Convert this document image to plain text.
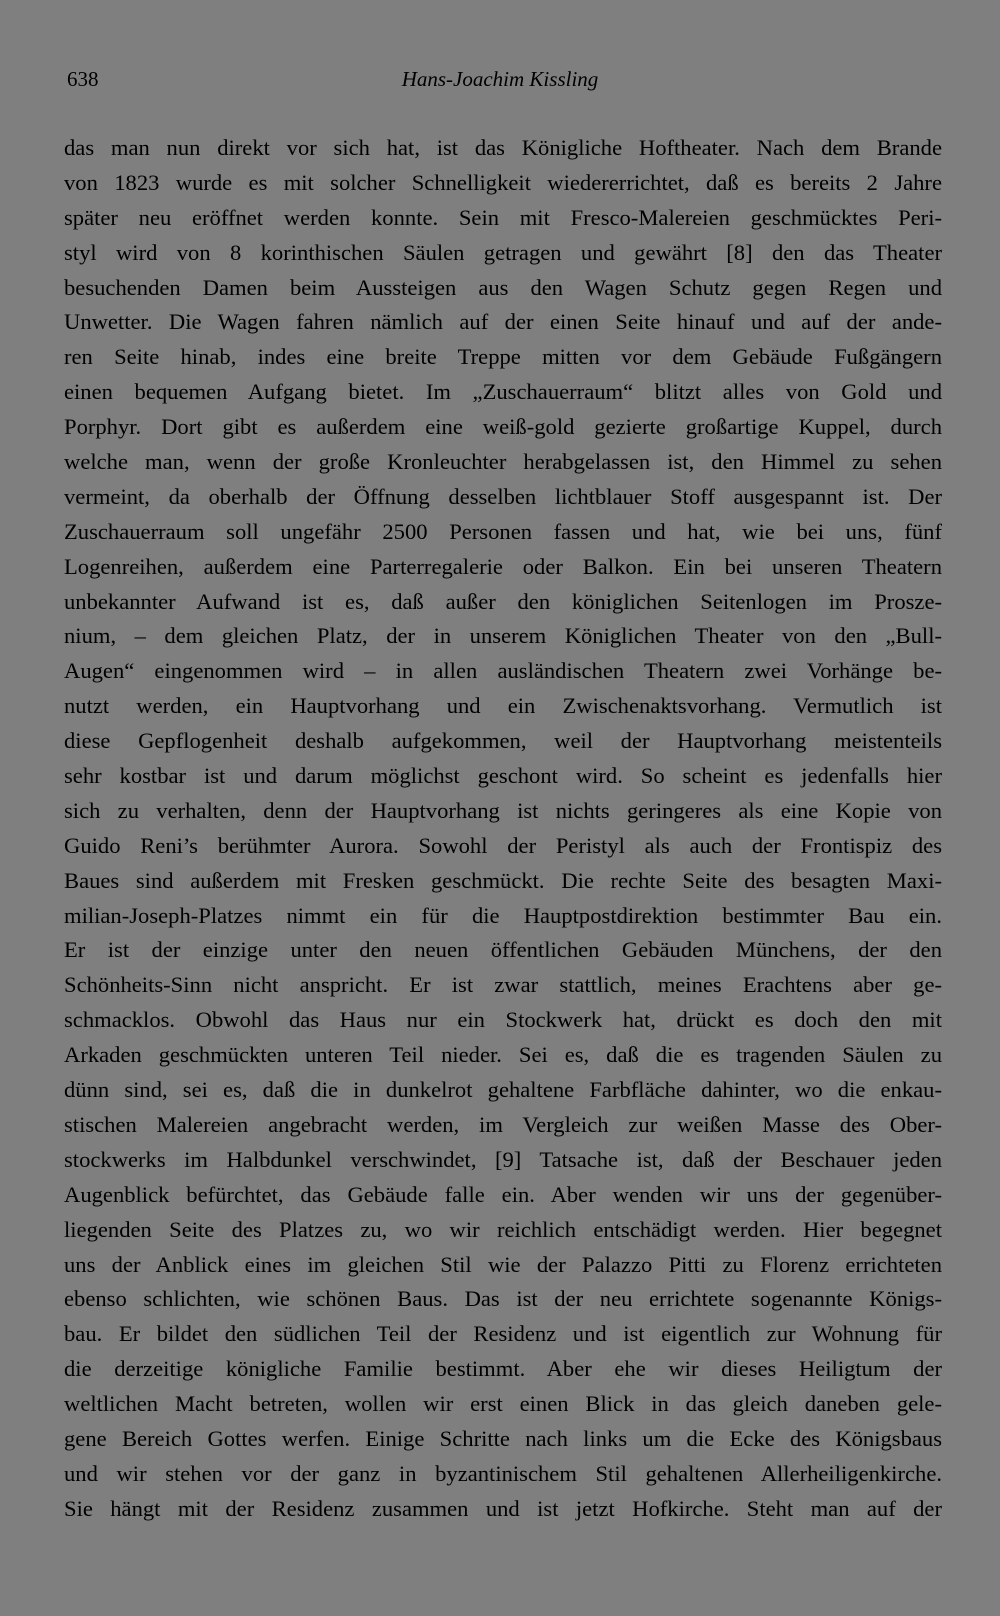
638	Hans-Joachim Kissling
das man nun direkt vor sich hat, ist das Königliche Hoftheater. Nach dem Brande
von 1823 wurde es mit solcher Schnelligkeit wiedererrichtet, daß es bereits 2 Jahre
später neu eröffnet werden konnte. Sein mit Fresco-Malereien geschmücktes Peri-
styl wird von 8 korinthischen Säulen getragen und gewährt [8] den das Theater
besuchenden Damen beim Aussteigen aus den Wagen Schutz gegen Regen und
Unwetter. Die Wagen fahren nämlich auf der einen Seite hinauf und auf der ande-
ren Seite hinab, indes eine breite Treppe mitten vor dem Gebäude Fußgängern
einen bequemen Aufgang bietet. Im „Zuschauerraum“ blitzt alles von Gold und
Porphyr. Dort gibt es außerdem eine weiß-gold gezierte großartige Kuppel, durch
welche man, wenn der große Kronleuchter herabgelassen ist, den Himmel zu sehen
vermeint, da oberhalb der Öffnung desselben lichtblauer Stoff ausgespannt ist. Der
Zuschauerraum soll ungefähr 2500 Personen fassen und hat, wie bei uns, fünf
Logenreihen, außerdem eine Parterregalerie oder Balkon. Ein bei unseren Theatern
unbekannter Aufwand ist es, daß außer den königlichen Seitenlogen im Prosze-
nium, – dem gleichen Platz, der in unserem Königlichen Theater von den „Bull-
Augen“ eingenommen wird – in allen ausländischen Theatern zwei Vorhänge be-
nutzt werden, ein Hauptvorhang und ein Zwischenaktsvorhang. Vermutlich ist
diese Gepflogenheit deshalb aufgekommen, weil der Hauptvorhang meistenteils
sehr kostbar ist und darum möglichst geschont wird. So scheint es jedenfalls hier
sich zu verhalten, denn der Hauptvorhang ist nichts geringeres als eine Kopie von
Guido Reni’s berühmter Aurora. Sowohl der Peristyl als auch der Frontispiz des
Baues sind außerdem mit Fresken geschmückt. Die rechte Seite des besagten Maxi-
milian-Joseph-Platzes nimmt ein für die Hauptpostdirektion bestimmter Bau ein.
Er ist der einzige unter den neuen öffentlichen Gebäuden Münchens, der den
Schönheits-Sinn nicht anspricht. Er ist zwar stattlich, meines Erachtens aber ge-
schmacklos. Obwohl das Haus nur ein Stockwerk hat, drückt es doch den mit
Arkaden geschmückten unteren Teil nieder. Sei es, daß die es tragenden Säulen zu
dünn sind, sei es, daß die in dunkelrot gehaltene Farbfläche dahinter, wo die enkau-
stischen Malereien angebracht werden, im Vergleich zur weißen Masse des Ober-
stockwerks im Halbdunkel verschwindet, [9] Tatsache ist, daß der Beschauer jeden
Augenblick befürchtet, das Gebäude falle ein. Aber wenden wir uns der gegenüber-
liegenden Seite des Platzes zu, wo wir reichlich entschädigt werden. Hier begegnet
uns der Anblick eines im gleichen Stil wie der Palazzo Pitti zu Florenz errichteten
ebenso schlichten, wie schönen Baus. Das ist der neu errichtete sogenannte Königs-
bau. Er bildet den südlichen Teil der Residenz und ist eigentlich zur Wohnung für
die derzeitige königliche Familie bestimmt. Aber ehe wir dieses Heiligtum der
weltlichen Macht betreten, wollen wir erst einen Blick in das gleich daneben gele-
gene Bereich Gottes werfen. Einige Schritte nach links um die Ecke des Königsbaus
und wir stehen vor der ganz in byzantinischem Stil gehaltenen Allerheiligenkirche.
Sie hängt mit der Residenz zusammen und ist jetzt Hofkirche. Steht man auf der
